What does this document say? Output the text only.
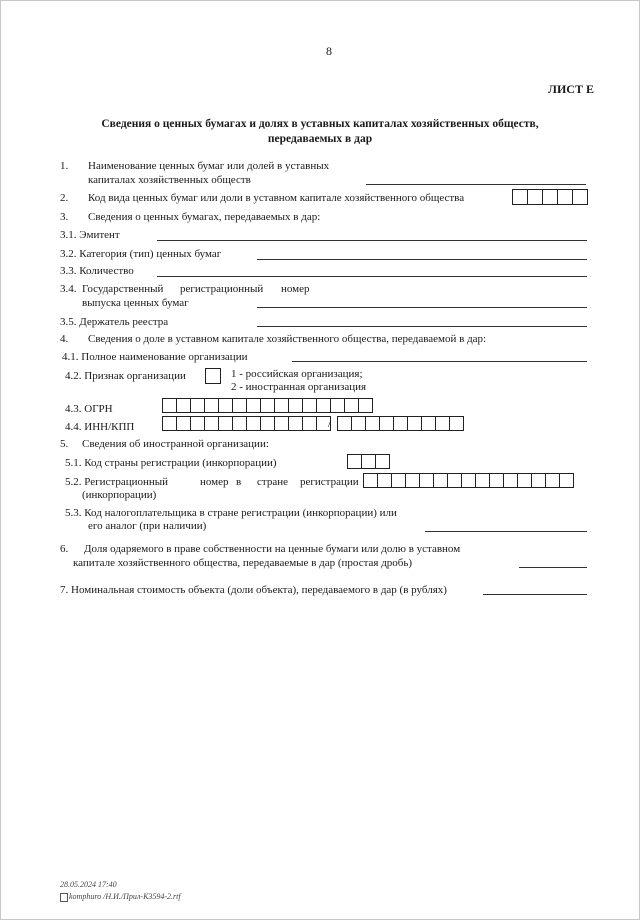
8
ЛИСТ Е
Сведения о ценных бумагах и долях в уставных капиталах хозяйственных обществ,
передаваемых в дар
1. Наименование ценных бумаг или долей в уставных
капиталах хозяйственных обществ
2. Код вида ценных бумаг или доли в уставном капитале хозяйственного общества
3. Сведения о ценных бумагах, передаваемых в дар:
3.1. Эмитент
3.2. Категория (тип) ценных бумаг
3.3. Количество
3.4. Государственный регистрационный номер
выпуска ценных бумаг
3.5. Держатель реестра
4. Сведения о доле в уставном капитале хозяйственного общества, передаваемой в дар:
4.1. Полное наименование организации
4.2. Признак организации	1 - российская организация;
2 - иностранная организация
4.3. ОГРН
4.4. ИНН/КПП	/
5. Сведения об иностранной организации:
5.1. Код страны регистрации (инкорпорации)
5.2. Регистрационный	номер в стране регистрации
(инкорпорации)
5.3. Код налогоплательщика в стране регистрации (инкорпорации) или
его аналог (при наличии)
6. Доля одаряемого в праве собственности на ценные бумаги или долю в уставном
капитале хозяйственного общества, передаваемые в дар (простая дробь)
7. Номинальная стоимость объекта (доли объекта), передаваемого в дар (в рублях)
28.05.2024 17:40
komphuro /Н.И./Прил-К3594-2.rtf
